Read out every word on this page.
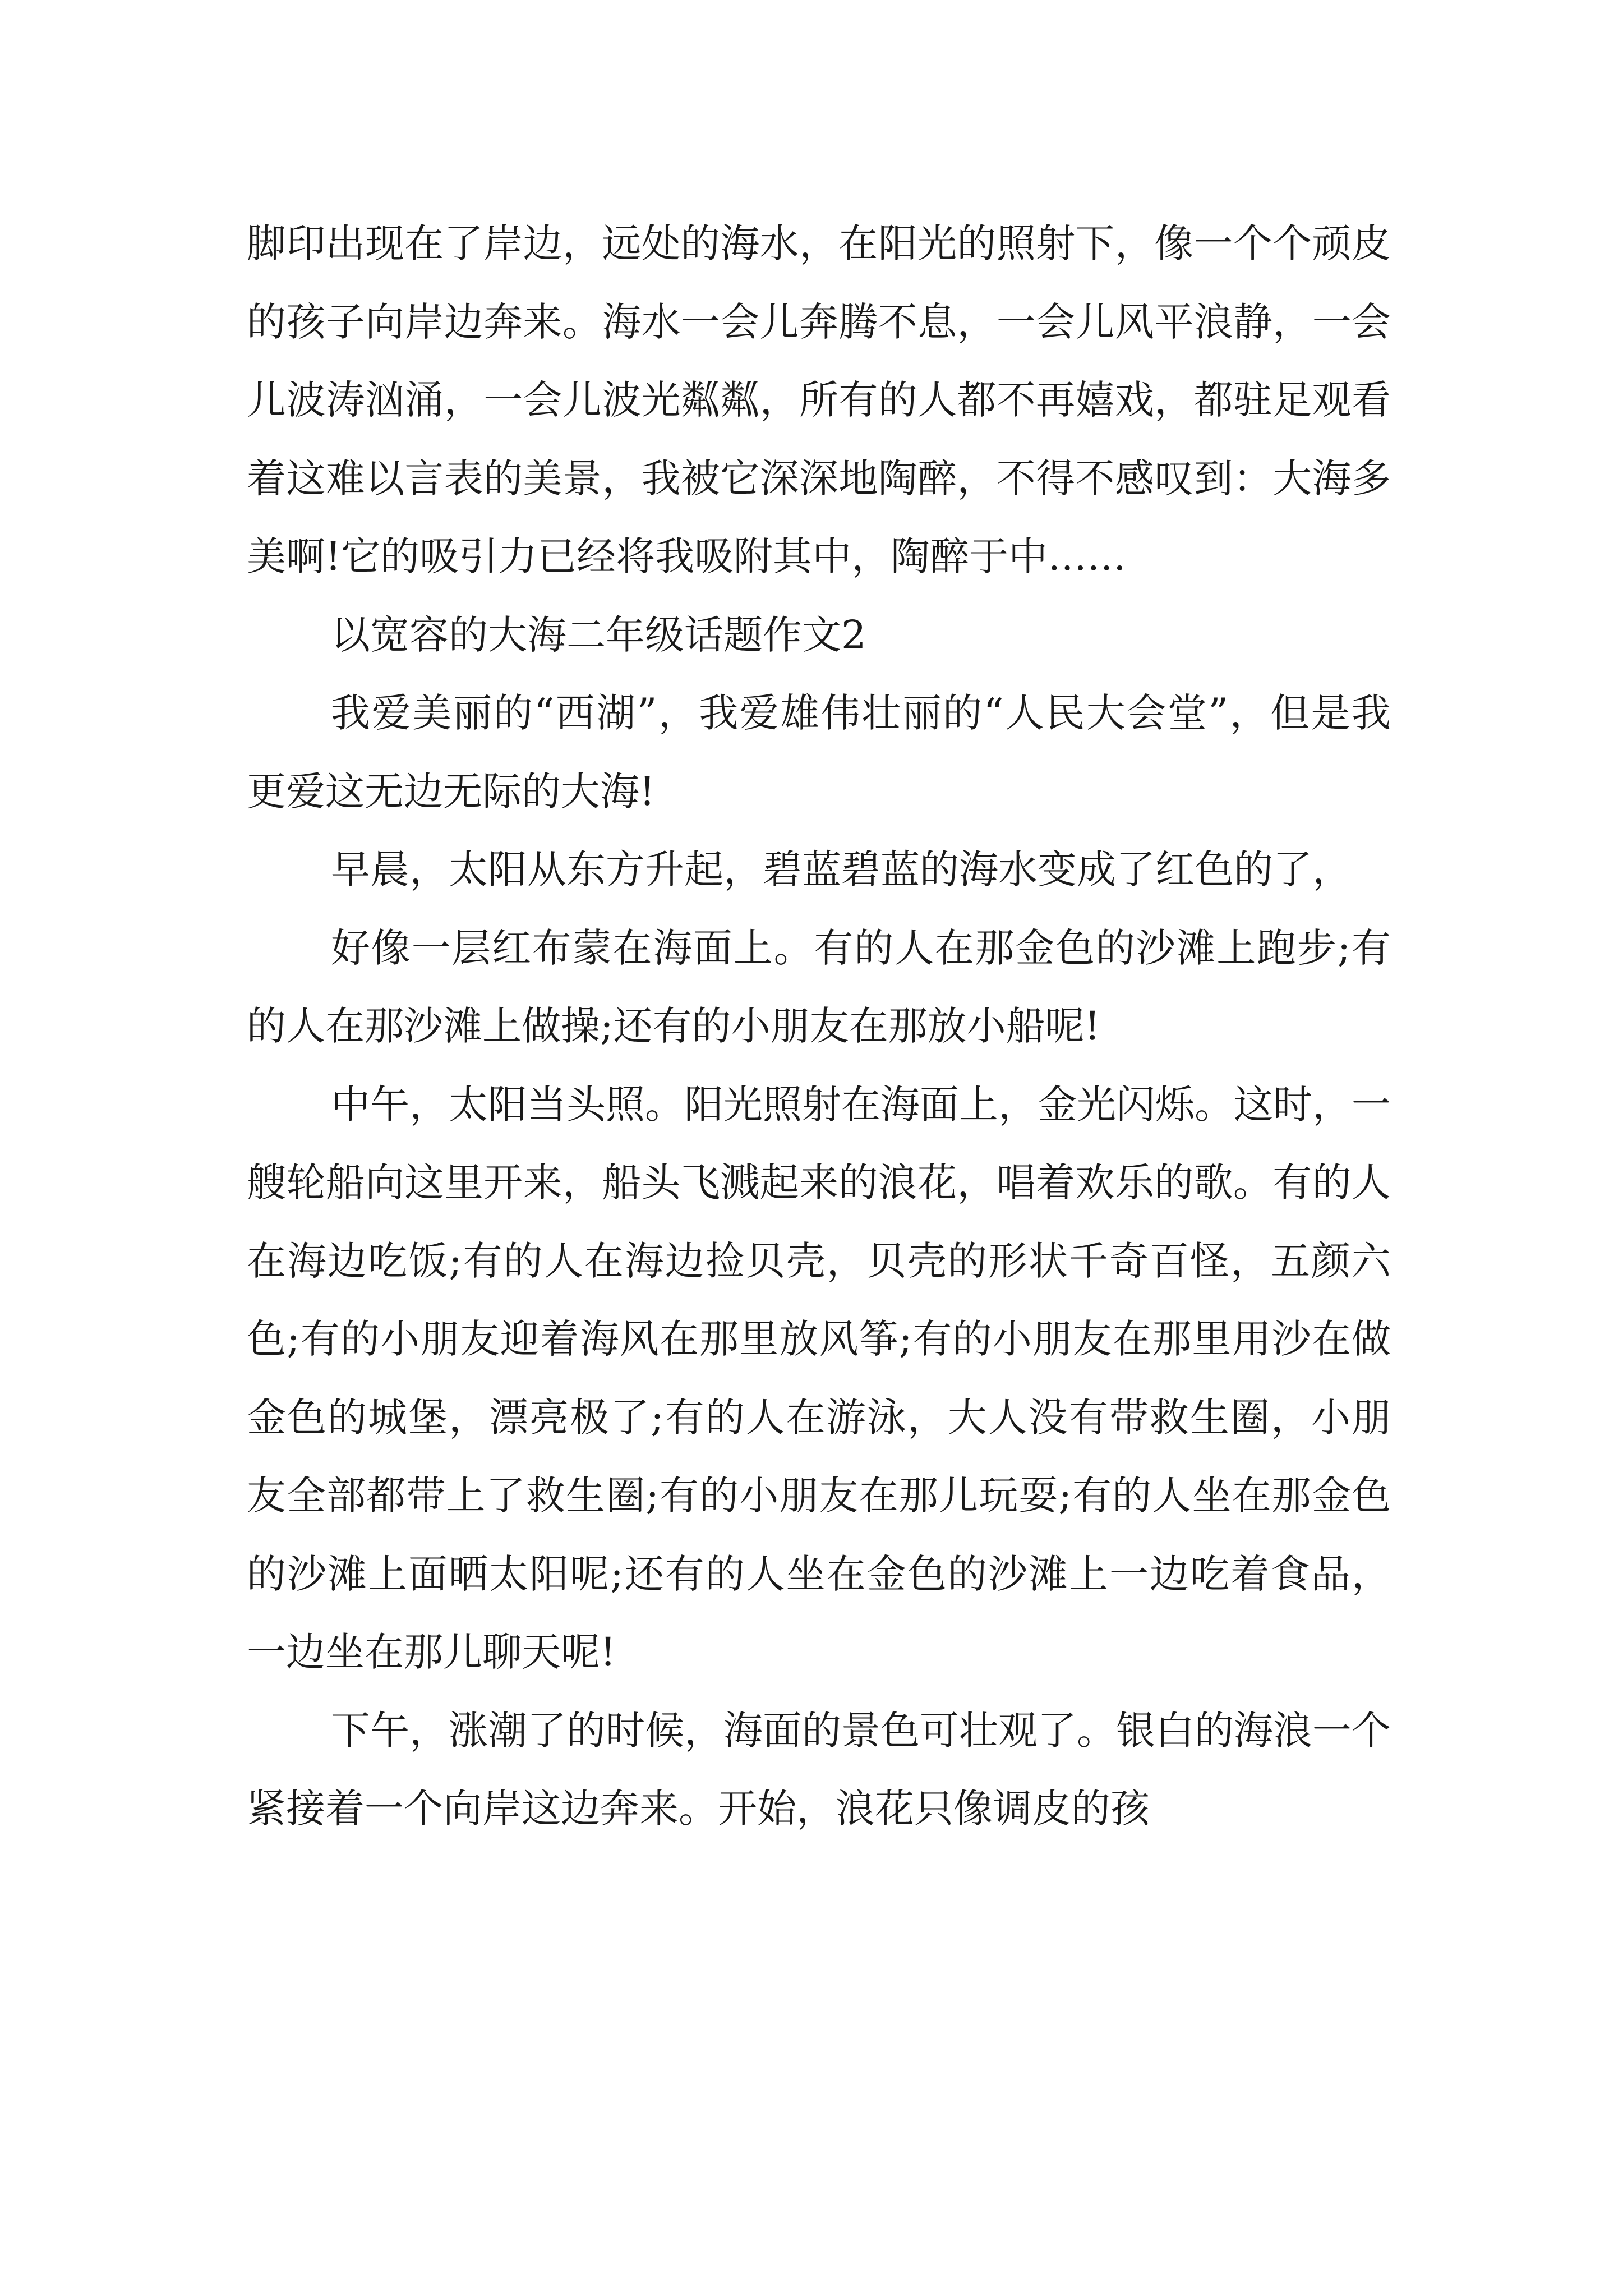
脚印出现在了岸边，远处的海水，在阳光的照射下，像一个个顽皮的孩子向岸边奔来。海水一会儿奔腾不息，一会儿风平浪静，一会儿波涛汹涌，一会儿波光粼粼，所有的人都不再嬉戏，都驻足观看着这难以言表的美景，我被它深深地陶醉，不得不感叹到：大海多美啊!它的吸引力已经将我吸附其中，陶醉于中……

以宽容的大海二年级话题作文2

我爱美丽的“西湖”，我爱雄伟壮丽的“人民大会堂”，但是我更爱这无边无际的大海!

早晨，太阳从东方升起，碧蓝碧蓝的海水变成了红色的了，

好像一层红布蒙在海面上。有的人在那金色的沙滩上跑步;有的人在那沙滩上做操;还有的小朋友在那放小船呢!

中午，太阳当头照。阳光照射在海面上，金光闪烁。这时，一艘轮船向这里开来，船头飞溅起来的浪花，唱着欢乐的歌。有的人在海边吃饭;有的人在海边捡贝壳，贝壳的形状千奇百怪，五颜六色;有的小朋友迎着海风在那里放风筝;有的小朋友在那里用沙在做金色的城堡，漂亮极了;有的人在游泳，大人没有带救生圈，小朋友全部都带上了救生圈;有的小朋友在那儿玩耍;有的人坐在那金色的沙滩上面晒太阳呢;还有的人坐在金色的沙滩上一边吃着食品，一边坐在那儿聊天呢!

下午，涨潮了的时候，海面的景色可壮观了。银白的海浪一个紧接着一个向岸这边奔来。开始，浪花只像调皮的孩
